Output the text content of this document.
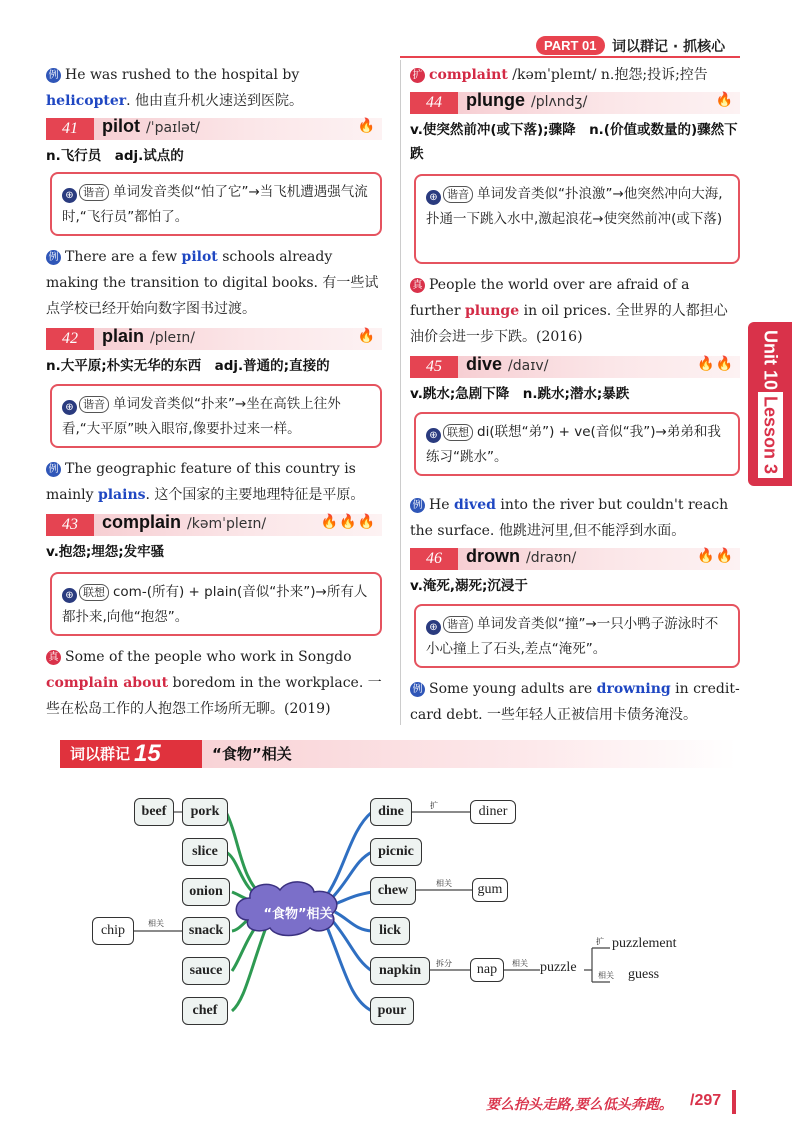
PART 01	词以群记 · 抓核心
例 He was rushed to the hospital by helicopter. 他由直升机火速送到医院。
41	pilot /ˈpaɪlət/	🔥
n.飞行员　adj.试点的
⊕ 谐音 单词发音类似“怕了它”→当飞机遭遇强气流时,“飞行员”都怕了。
例 There are a few pilot schools already making the transition to digital books. 有一些试点学校已经开始向数字图书过渡。
42	plain /pleɪn/	🔥
n.大平原;朴实无华的东西　adj.普通的;直接的
⊕ 谐音 单词发音类似“扑来”→坐在高铁上往外看,“大平原”映入眼帘,像要扑过来一样。
例 The geographic feature of this country is mainly plains. 这个国家的主要地理特征是平原。
43	complain /kəmˈpleɪn/	🔥🔥🔥
v.抱怨;埋怨;发牢骚
⊕ 联想 com-(所有) + plain(音似“扑来”)→所有人都扑来,向他“抱怨”。
真 Some of the people who work in Songdo complain about boredom in the workplace. 一些在松岛工作的人抱怨工作场所无聊。(2019)
扩 complaint /kəmˈpleɪnt/ n.抱怨;投诉;控告
44	plunge /plʌndʒ/	🔥
v.使突然前冲(或下落);骤降　n.(价值或数量的)骤然下跌
⊕ 谐音 单词发音类似“扑浪激”→他突然冲向大海,扑通一下跳入水中,激起浪花→使突然前冲(或下落)
真 People the world over are afraid of a further plunge in oil prices. 全世界的人都担心油价会进一步下跌。(2016)
45	dive /daɪv/	🔥🔥
v.跳水;急剧下降　n.跳水;潜水;暴跌
⊕ 联想 di(联想“弟”) + ve(音似“我”)→弟弟和我练习“跳水”。
例 He dived into the river but couldn't reach the surface. 他跳进河里,但不能浮到水面。
46	drown /draʊn/	🔥🔥
v.淹死,溺死;沉浸于
⊕ 谐音 单词发音类似“撞”→一只小鸭子游泳时不小心撞上了石头,差点“淹死”。
例 Some young adults are drowning in credit-card debt. 一些年轻人正被信用卡债务淹没。
Unit 10
Lesson 3
词以群记 15	“食物”相关
“食物”相关
beef	pork
slice
onion
snack
sauce
chef
chip	相关
dine
picnic
chew
lick
napkin
pour
diner
扩
gum
相关
nap
拆分	相关 puzzle
扩 puzzlement
相关 guess
要么抬头走路,要么低头奔跑。 /297
